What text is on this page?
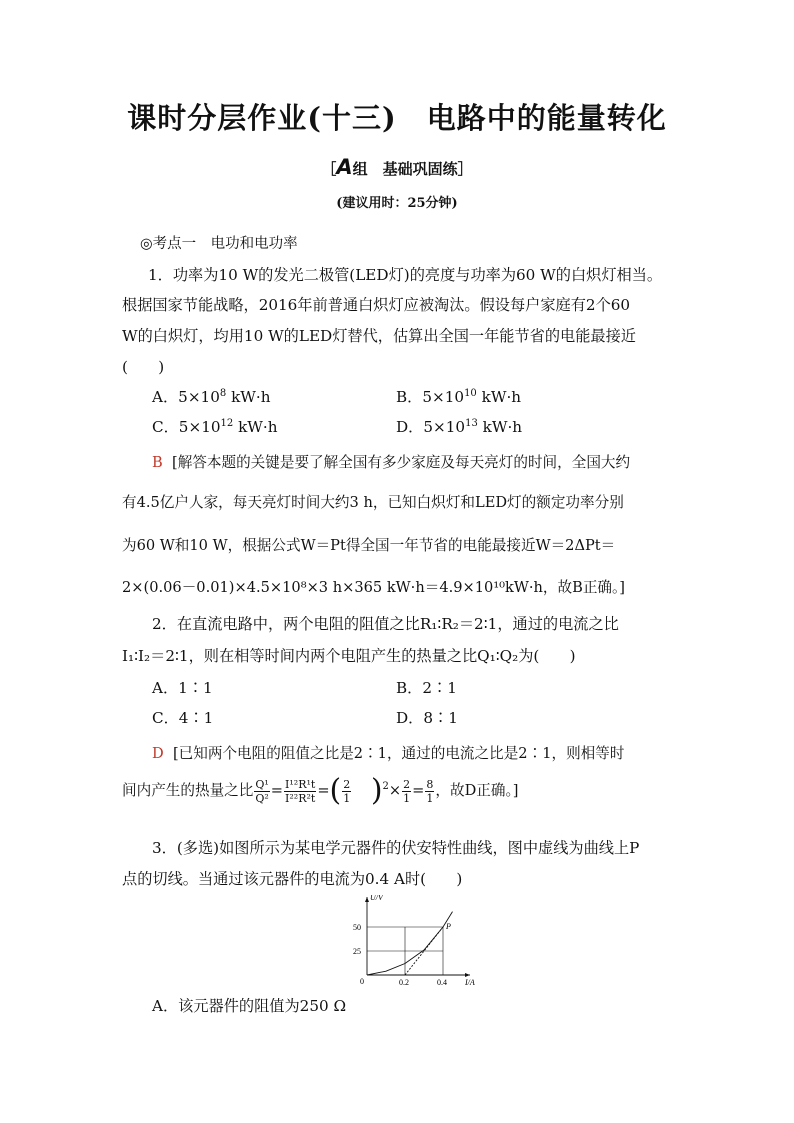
课时分层作业(十三)　电路中的能量转化
［A组　基础巩固练］
(建议用时：25分钟)
◎考点一　电功和电功率
1．功率为10 W的发光二极管(LED灯)的亮度与功率为60 W的白炽灯相当。
根据国家节能战略，2016年前普通白炽灯应被淘汰。假设每户家庭有2个60
W的白炽灯，均用10 W的LED灯替代，估算出全国一年能节省的电能最接近
(　　)
A．$5\times 10^8$ kW·h	B．$5\times 10^{10}$ kW·h
C．$5\times 10^{12}$ kW·h	D．$5\times 10^{13}$ kW·h
B [解答本题的关键是要了解全国有多少家庭及每天亮灯的时间，全国大约
有4.5亿户人家，每天亮灯时间大约3 h，已知白炽灯和LED灯的额定功率分别
为60 W和10 W，根据公式W＝Pt得全国一年节省的电能最接近W＝2ΔPt＝
2×(0.06－0.01)×4.5×10⁸×3 h×365 kW·h＝4.9×10¹⁰kW·h，故B正确。]
2．在直流电路中，两个电阻的阻值之比R₁∶R₂＝2∶1，通过的电流之比
I₁∶I₂＝2∶1，则在相等时间内两个电阻产生的热量之比Q₁∶Q₂为(　　)
A．1∶1	B．2∶1
C．4∶1	D．8∶1
D [已知两个电阻的阻值之比是2∶1，通过的电流之比是2∶1，则相等时
间内产生的热量之比 $\frac{\text{Q¹}}{\text{Q²}} = \frac{\text{I¹²R¹t}}{\text{I²²R²t}}$ =( $\frac{2}{1} )^2\times \frac{2}{1} = \frac{8}{1}$ ，故D正确。]
3．(多选)如图所示为某电学元器件的伏安特性曲线，图中虚线为曲线上P
点的切线。当通过该元器件的电流为0.4 A时(　　)
U/V
I/A
0	0.2	0.4
25
50	P
A．该元器件的阻值为250 Ω
